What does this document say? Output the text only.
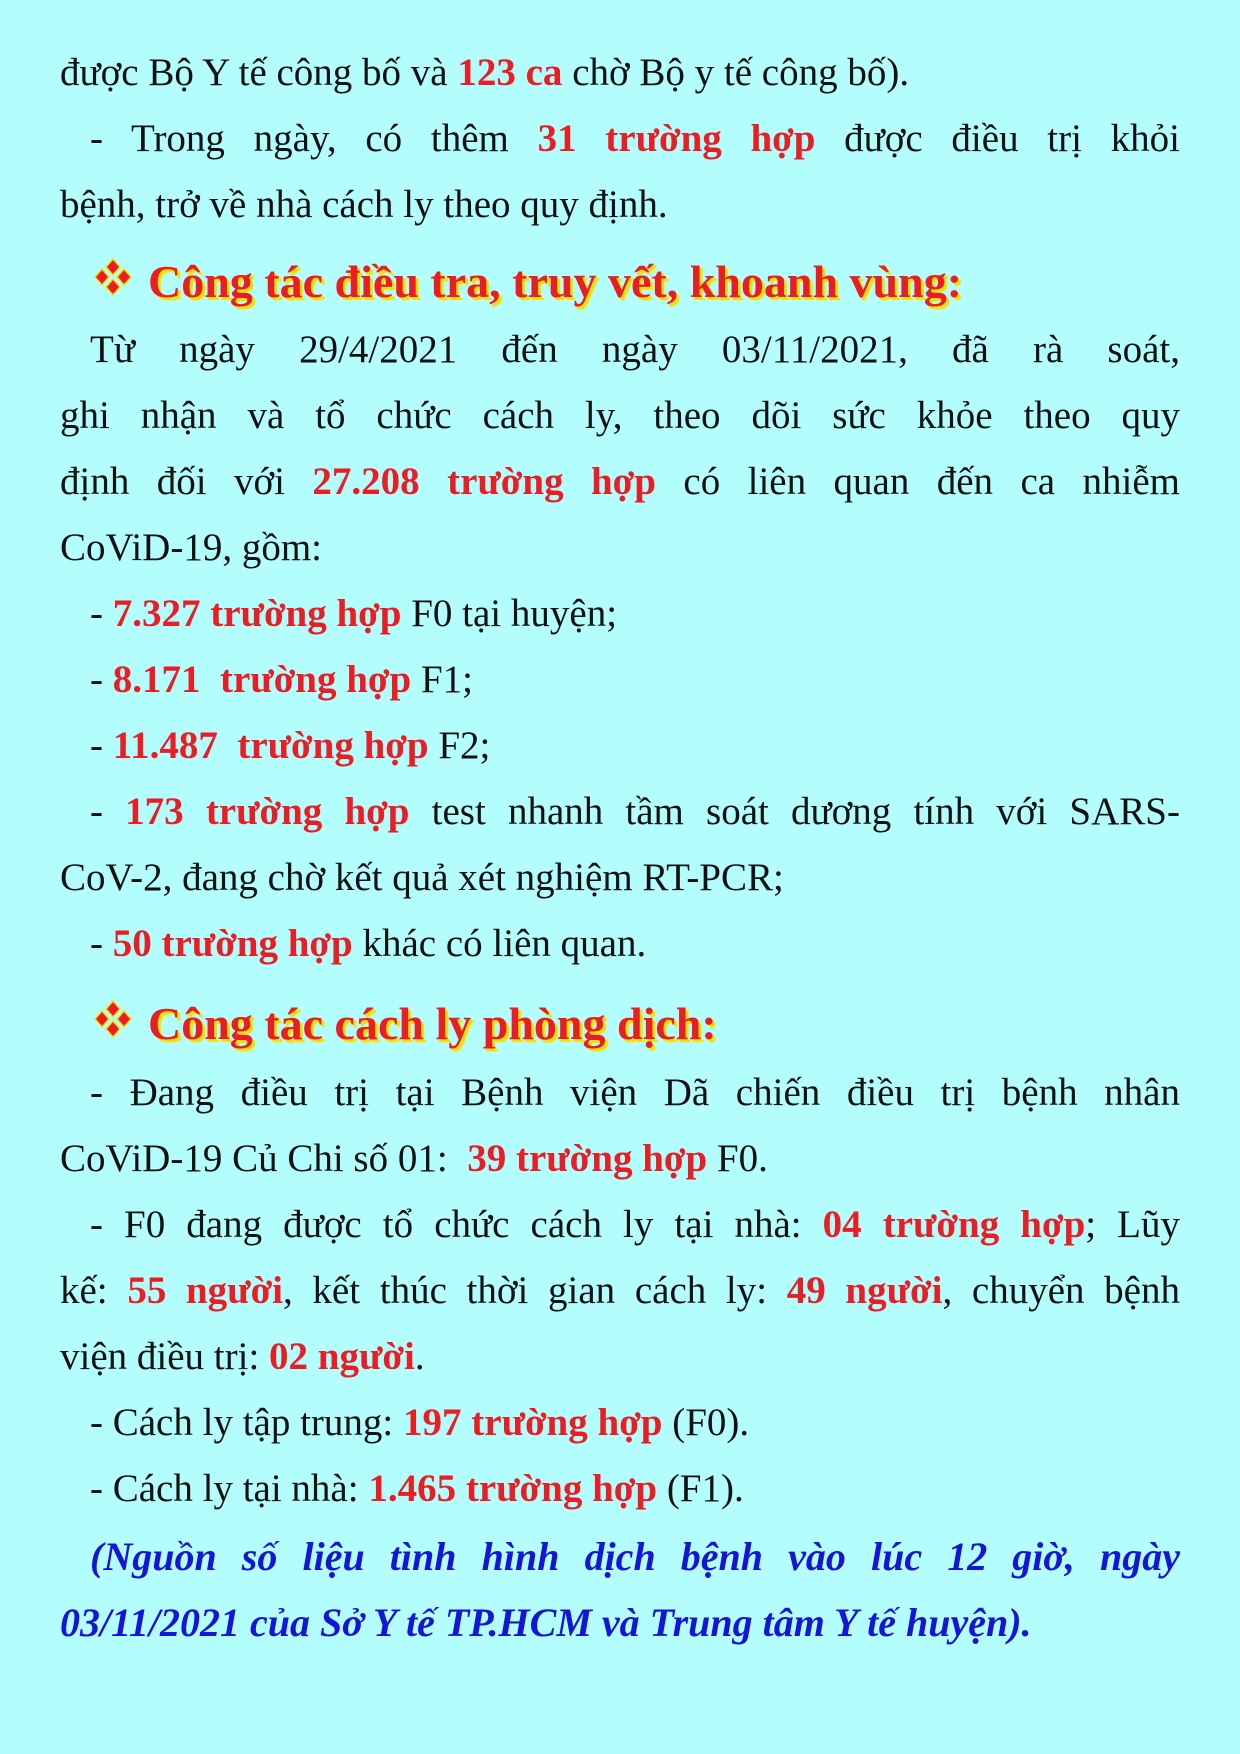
được Bộ Y tế công bố và 123 ca chờ Bộ y tế công bố).
- Trong ngày, có thêm 31 trường hợp được điều trị khỏi
bệnh, trở về nhà cách ly theo quy định.
Công tác điều tra, truy vết, khoanh vùng:
Từ ngày 29/4/2021 đến ngày 03/11/2021, đã rà soát,
ghi nhận và tổ chức cách ly, theo dõi sức khỏe theo quy
định đối với 27.208 trường hợp có liên quan đến ca nhiễm
CoViD-19, gồm:
- 7.327 trường hợp F0 tại huyện;
- 8.171  trường hợp F1;
- 11.487  trường hợp F2;
- 173 trường hợp test nhanh tầm soát dương tính với SARS-
CoV-2, đang chờ kết quả xét nghiệm RT-PCR;
- 50 trường hợp khác có liên quan.
Công tác cách ly phòng dịch:
- Đang điều trị tại Bệnh viện Dã chiến điều trị bệnh nhân
CoViD-19 Củ Chi số 01:  39 trường hợp F0.
- F0 đang được tổ chức cách ly tại nhà: 04 trường hợp; Lũy
kế: 55 người, kết thúc thời gian cách ly: 49 người, chuyển bệnh
viện điều trị: 02 người.
- Cách ly tập trung: 197 trường hợp (F0).
- Cách ly tại nhà: 1.465 trường hợp (F1).
(Nguồn số liệu tình hình dịch bệnh vào lúc 12 giờ, ngày
03/11/2021 của Sở Y tế TP.HCM và Trung tâm Y tế huyện).
